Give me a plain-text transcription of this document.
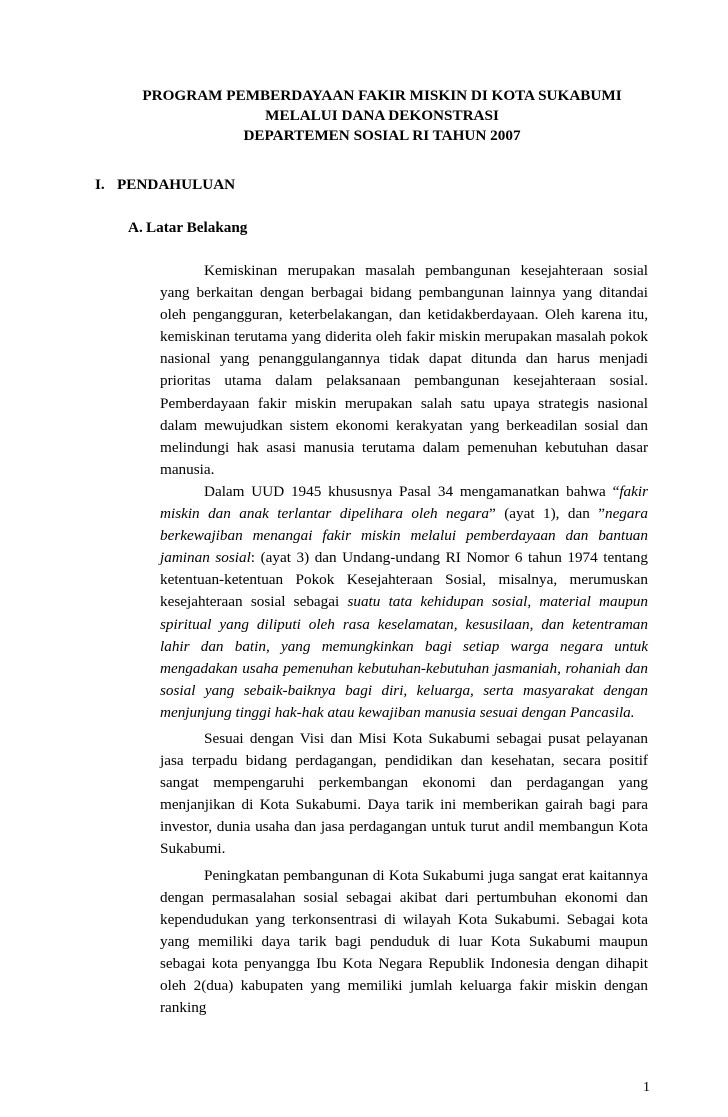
PROGRAM PEMBERDAYAAN FAKIR MISKIN DI KOTA SUKABUMI
MELALUI DANA DEKONSTRASI
DEPARTEMEN SOSIAL RI TAHUN 2007
I. PENDAHULUAN
A. Latar Belakang

Kemiskinan merupakan masalah pembangunan kesejahteraan sosial yang berkaitan dengan berbagai bidang pembangunan lainnya yang ditandai oleh pengangguran, keterbelakangan, dan ketidakberdayaan. Oleh karena itu, kemiskinan terutama yang diderita oleh fakir miskin merupakan masalah pokok nasional yang penanggulangannya tidak dapat ditunda dan harus menjadi prioritas utama dalam pelaksanaan pembangunan kesejahteraan sosial. Pemberdayaan fakir miskin merupakan salah satu upaya strategis nasional dalam mewujudkan sistem ekonomi kerakyatan yang berkeadilan sosial dan melindungi hak asasi manusia terutama dalam pemenuhan kebutuhan dasar manusia.

Dalam UUD 1945 khususnya Pasal 34 mengamanatkan bahwa “fakir miskin dan anak terlantar dipelihara oleh negara” (ayat 1), dan ”negara berkewajiban menangai fakir miskin melalui pemberdayaan dan bantuan jaminan sosial: (ayat 3) dan Undang-undang RI Nomor 6 tahun 1974 tentang ketentuan-ketentuan Pokok Kesejahteraan Sosial, misalnya, merumuskan kesejahteraan sosial sebagai suatu tata kehidupan sosial, material maupun spiritual yang diliputi oleh rasa keselamatan, kesusilaan, dan ketentraman lahir dan batin, yang memungkinkan bagi setiap warga negara untuk mengadakan usaha pemenuhan kebutuhan-kebutuhan jasmaniah, rohaniah dan sosial yang sebaik-baiknya bagi diri, keluarga, serta masyarakat dengan menjunjung tinggi hak-hak atau kewajiban manusia sesuai dengan Pancasila.

Sesuai dengan Visi dan Misi Kota Sukabumi sebagai pusat pelayanan jasa terpadu bidang perdagangan, pendidikan dan kesehatan, secara positif sangat mempengaruhi perkembangan ekonomi dan perdagangan yang menjanjikan di Kota Sukabumi. Daya tarik ini memberikan gairah bagi para investor, dunia usaha dan jasa perdagangan untuk turut andil membangun Kota Sukabumi.

Peningkatan pembangunan di Kota Sukabumi juga sangat erat kaitannya dengan permasalahan sosial sebagai akibat dari pertumbuhan ekonomi dan kependudukan yang terkonsentrasi di wilayah Kota Sukabumi. Sebagai kota yang memiliki daya tarik bagi penduduk di luar Kota Sukabumi maupun sebagai kota penyangga Ibu Kota Negara Republik Indonesia dengan dihapit oleh 2(dua) kabupaten yang memiliki jumlah keluarga fakir miskin dengan ranking

1
